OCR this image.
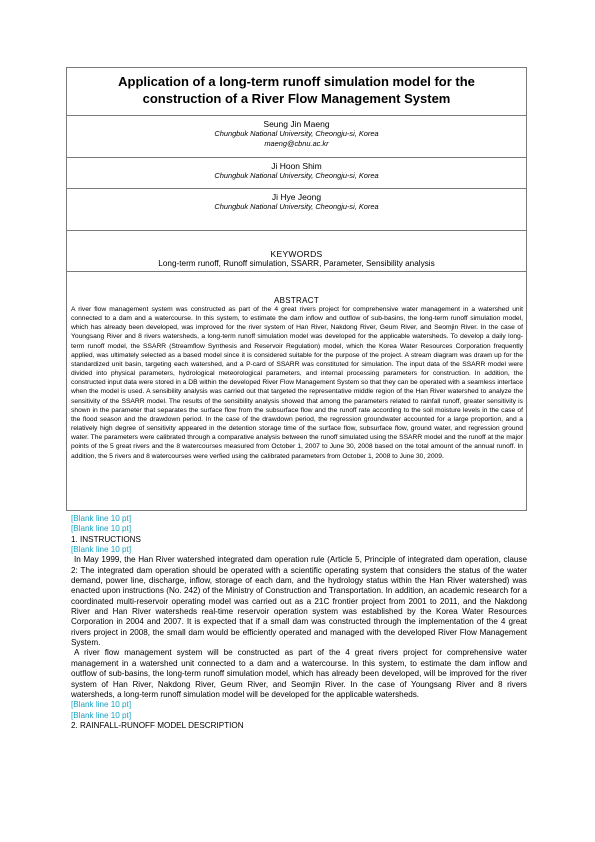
Application of a long-term runoff simulation model for the construction of a River Flow Management System
Seung Jin Maeng
Chungbuk National University, Cheongju-si, Korea
maeng@cbnu.ac.kr
Ji Hoon Shim
Chungbuk National University, Cheongju-si, Korea
Ji Hye Jeong
Chungbuk National University, Cheongju-si, Korea
KEYWORDS
Long-term runoff, Runoff simulation, SSARR, Parameter, Sensibility analysis
ABSTRACT
A river flow management system was constructed as part of the 4 great rivers project for comprehensive water management in a watershed unit connected to a dam and a watercourse. In this system, to estimate the dam inflow and outflow of sub-basins, the long-term runoff simulation model, which has already been developed, was improved for the river system of Han River, Nakdong River, Geum River, and Seomjin River. In the case of Youngsang River and 8 rivers watersheds, a long-term runoff simulation model was developed for the applicable watersheds. To develop a daily long-term runoff model, the SSARR (Streamflow Synthesis and Reservoir Regulation) model, which the Korea Water Resources Corporation frequently applied, was ultimately selected as a based model since it is considered suitable for the purpose of the project. A stream diagram was drawn up for the standardized unit basin, targeting each watershed, and a P-card of SSARR was constituted for simulation. The input data of the SSARR model were divided into physical parameters, hydrological meteorological parameters, and internal processing parameters for construction. In addition, the constructed input data were stored in a DB within the developed River Flow Management System so that they can be operated with a seamless interface when the model is used. A sensibility analysis was carried out that targeted the representative middle region of the Han River watershed to analyze the sensitivity of the SSARR model. The results of the sensibility analysis showed that among the parameters related to rainfall runoff, greater sensitivity is shown in the parameter that separates the surface flow from the subsurface flow and the runoff rate according to the soil moisture levels in the case of the flood season and the drawdown period. In the case of the drawdown period, the regression groundwater accounted for a large proportion, and a relatively high degree of sensitivity appeared in the detention storage time of the surface flow, subsurface flow, ground water, and regression ground water. The parameters were calibrated through a comparative analysis between the runoff simulated using the SSARR model and the runoff at the major points of the 5 great rivers and the 8 watercourses measured from October 1, 2007 to June 30, 2008 based on the total amount of the annual runoff. In addition, the 5 rivers and 8 watercourses were verfied using the calibrated parameters from October 1, 2008 to June 30, 2009.
[Blank line 10 pt]
[Blank line 10 pt]
1. INSTRUCTIONS
[Blank line 10 pt]
In May 1999, the Han River watershed integrated dam operation rule (Article 5, Principle of integrated dam operation, clause 2: The integrated dam operation should be operated with a scientific operating system that considers the status of the water demand, power line, discharge, inflow, storage of each dam, and the hydrology status within the Han River watershed) was enacted upon instructions (No. 242) of the Ministry of Construction and Transportation. In addition, an academic research for a coordinated multi-reservoir operating model was carried out as a 21C frontier project from 2001 to 2011, and the Nakdong River and Han River watersheds real-time reservoir operation system was established by the Korea Water Resources Corporation in 2004 and 2007. It is expected that if a small dam was constructed through the implementation of the 4 great rivers project in 2008, the small dam would be efficiently operated and managed with the developed River Flow Management System.
A river flow management system will be constructed as part of the 4 great rivers project for comprehensive water management in a watershed unit connected to a dam and a watercourse. In this system, to estimate the dam inflow and outflow of sub-basins, the long-term runoff simulation model, which has already been developed, will be improved for the river system of Han River, Nakdong River, Geum River, and Seomjin River. In the case of Youngsang River and 8 rivers watersheds, a long-term runoff simulation model will be developed for the applicable watersheds.
[Blank line 10 pt]
[Blank line 10 pt]
2. RAINFALL-RUNOFF MODEL DESCRIPTION
